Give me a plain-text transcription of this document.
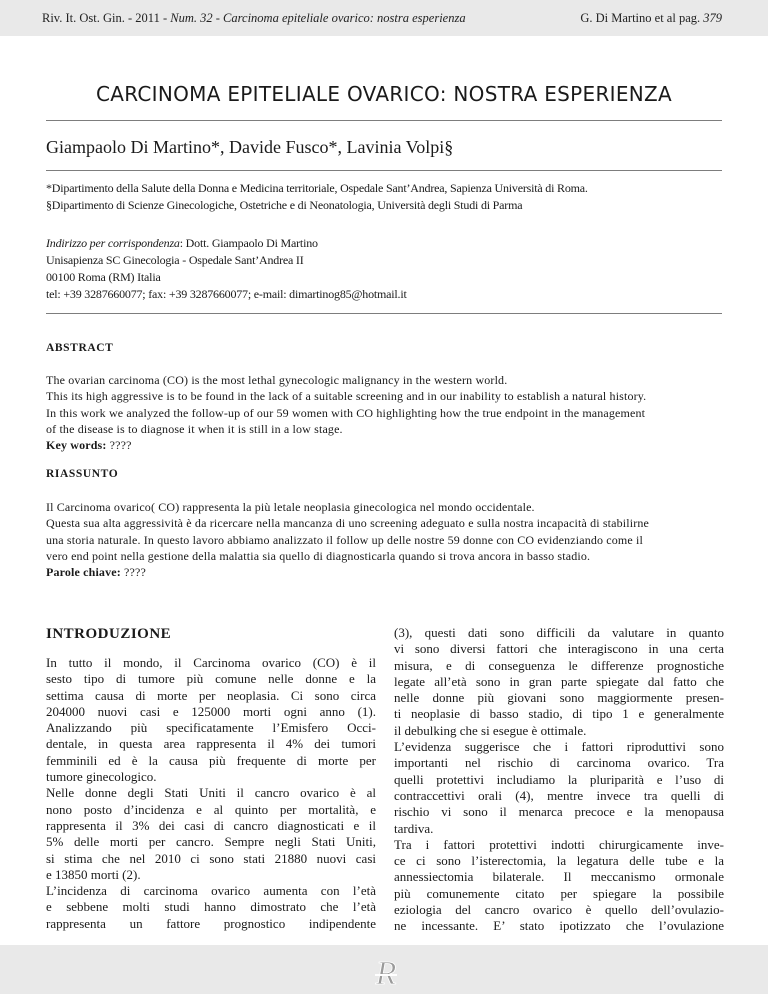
Riv. It. Ost. Gin. - 2011 - Num. 32 - Carcinoma epiteliale ovarico: nostra esperienza	G. Di Martino et al pag. 379
CARCINOMA EPITELIALE OVARICO: NOSTRA ESPERIENZA
Giampaolo Di Martino*, Davide Fusco*, Lavinia Volpi§
*Dipartimento della Salute della Donna e Medicina territoriale, Ospedale Sant’Andrea, Sapienza Università di Roma.
§Dipartimento di Scienze Ginecologiche, Ostetriche e di Neonatologia, Università degli Studi di Parma
Indirizzo per corrispondenza: Dott. Giampaolo Di Martino
Unisapienza SC Ginecologia - Ospedale Sant’Andrea II
00100 Roma (RM) Italia
tel: +39 3287660077; fax: +39 3287660077; e-mail: dimartinog85@hotmail.it
ABSTRACT
The ovarian carcinoma (CO) is the most lethal gynecologic malignancy in the western world.
This its high aggressive is to be found in the lack of a suitable screening and in our inability to establish a natural history.
In this work we analyzed the follow-up of our 59 women with CO highlighting how the true endpoint in the management
of the disease is to diagnose it when it is still in a low stage.
Key words: ????
RIASSUNTO
Il Carcinoma ovarico( CO) rappresenta la più letale neoplasia ginecologica nel mondo occidentale.
Questa sua alta aggressività è da ricercare nella mancanza di uno screening adeguato e sulla nostra incapacità di stabilirne
una storia naturale. In questo lavoro abbiamo analizzato il follow up delle nostre 59 donne con CO evidenziando come il
vero end point nella gestione della malattia sia quello di diagnosticarla quando si trova ancora in basso stadio.
Parole chiave: ????
INTRODUZIONE
In tutto il mondo, il Carcinoma ovarico (CO) è il
sesto tipo di tumore più comune nelle donne e la
settima causa di morte per neoplasia. Ci sono circa
204000 nuovi casi e 125000 morti ogni anno (1).
Analizzando più specificatamente l’Emisfero Occi-
dentale, in questa area rappresenta il 4% dei tumori
femminili ed è la causa più frequente di morte per
tumore ginecologico.
Nelle donne degli Stati Uniti il cancro ovarico è al
nono posto d’incidenza e al quinto per mortalità, e
rappresenta il 3% dei casi di cancro diagnosticati e il
5% delle morti per cancro. Sempre negli Stati Uniti,
si stima che nel 2010 ci sono stati 21880 nuovi casi
e 13850 morti (2).
L’incidenza di carcinoma ovarico aumenta con l’età
e sebbene molti studi hanno dimostrato che l’età
rappresenta un fattore prognostico indipendente
(3), questi dati sono difficili da valutare in quanto
vi sono diversi fattori che interagiscono in una certa
misura, e di conseguenza le differenze prognostiche
legate all’età sono in gran parte spiegate dal fatto che
nelle donne più giovani sono maggiormente presen-
ti neoplasie di basso stadio, di tipo 1 e generalmente
il debulking che si esegue è ottimale.
L’evidenza suggerisce che i fattori riproduttivi sono
importanti nel rischio di carcinoma ovarico. Tra
quelli protettivi includiamo la pluriparità e l’uso di
contraccettivi orali (4), mentre invece tra quelli di
rischio vi sono il menarca precoce e la menopausa
tardiva.
Tra i fattori protettivi indotti chirurgicamente inve-
ce ci sono l’isterectomia, la legatura delle tube e la
annessiectomia bilaterale. Il meccanismo ormonale
più comunemente citato per spiegare la possibile
eziologia del cancro ovarico è quello dell’ovulazio-
ne incessante. E’ stato ipotizzato che l’ovulazione
R
